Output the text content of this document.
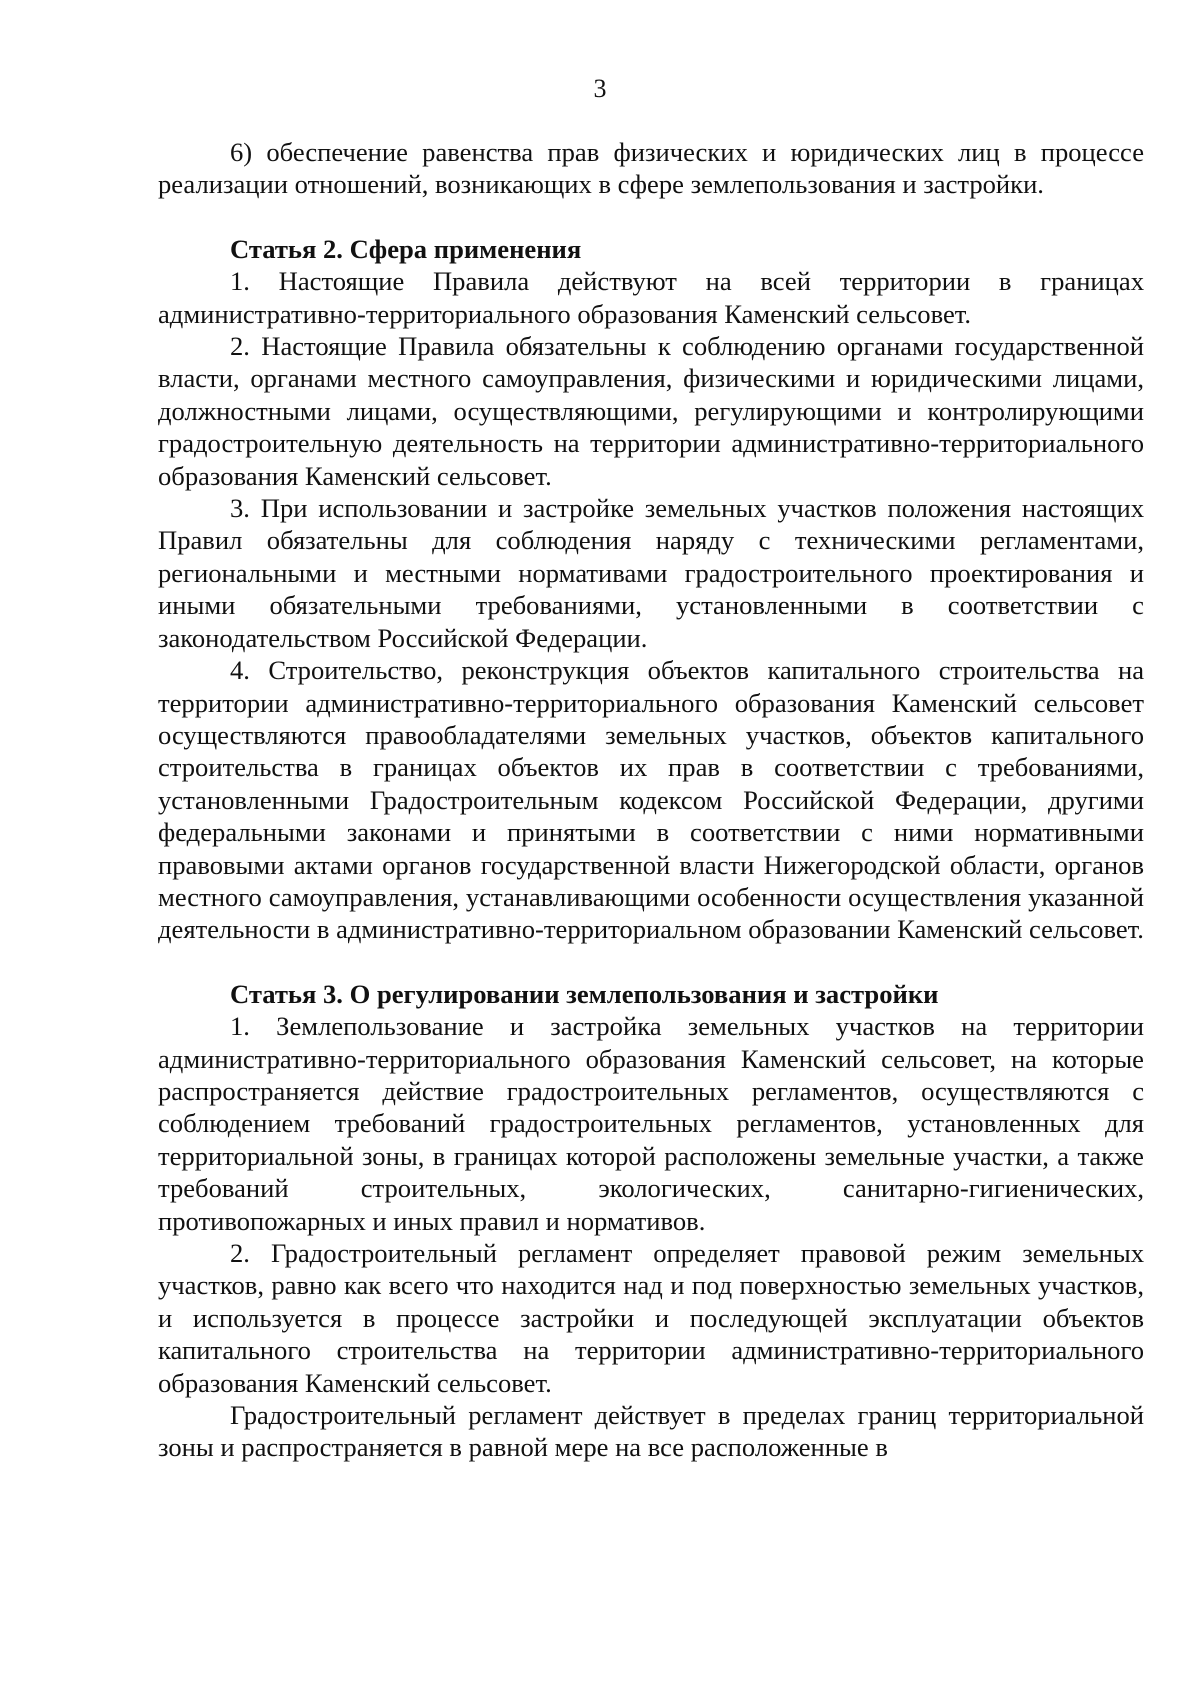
3

6) обеспечение равенства прав физических и юридических лиц в процессе реализации отношений, возникающих в сфере землепользования и застройки.

Статья 2. Сфера применения

1. Настоящие Правила действуют на всей территории в границах административно-территориального образования Каменский сельсовет.

2. Настоящие Правила обязательны к соблюдению органами государственной власти, органами местного самоуправления, физическими и юридическими лицами, должностными лицами, осуществляющими, регулирующими и контролирующими градостроительную деятельность на территории административно-территориального образования Каменский сельсовет.

3. При использовании и застройке земельных участков положения настоящих Правил обязательны для соблюдения наряду с техническими регламентами, региональными и местными нормативами градостроительного проектирования и иными обязательными требованиями, установленными в соответствии с законодательством Российской Федерации.

4. Строительство, реконструкция объектов капитального строительства на территории административно-территориального образования Каменский сельсовет осуществляются правообладателями земельных участков, объектов капитального строительства в границах объектов их прав в соответствии с требованиями, установленными Градостроительным кодексом Российской Федерации, другими федеральными законами и принятыми в соответствии с ними нормативными правовыми актами органов государственной власти Нижегородской области, органов местного самоуправления, устанавливающими особенности осуществления указанной деятельности в административно-территориальном образовании Каменский сельсовет.

Статья 3. О регулировании землепользования и застройки

1. Землепользование и застройка земельных участков на территории административно-территориального образования Каменский сельсовет, на которые распространяется действие градостроительных регламентов, осуществляются с соблюдением требований градостроительных регламентов, установленных для территориальной зоны, в границах которой расположены земельные участки, а также требований строительных, экологических, санитарно-гигиенических, противопожарных и иных правил и нормативов.

2. Градостроительный регламент определяет правовой режим земельных участков, равно как всего что находится над и под поверхностью земельных участков, и используется в процессе застройки и последующей эксплуатации объектов капитального строительства на территории административно-территориального образования Каменский сельсовет.

Градостроительный регламент действует в пределах границ территориальной зоны и распространяется в равной мере на все расположенные в
